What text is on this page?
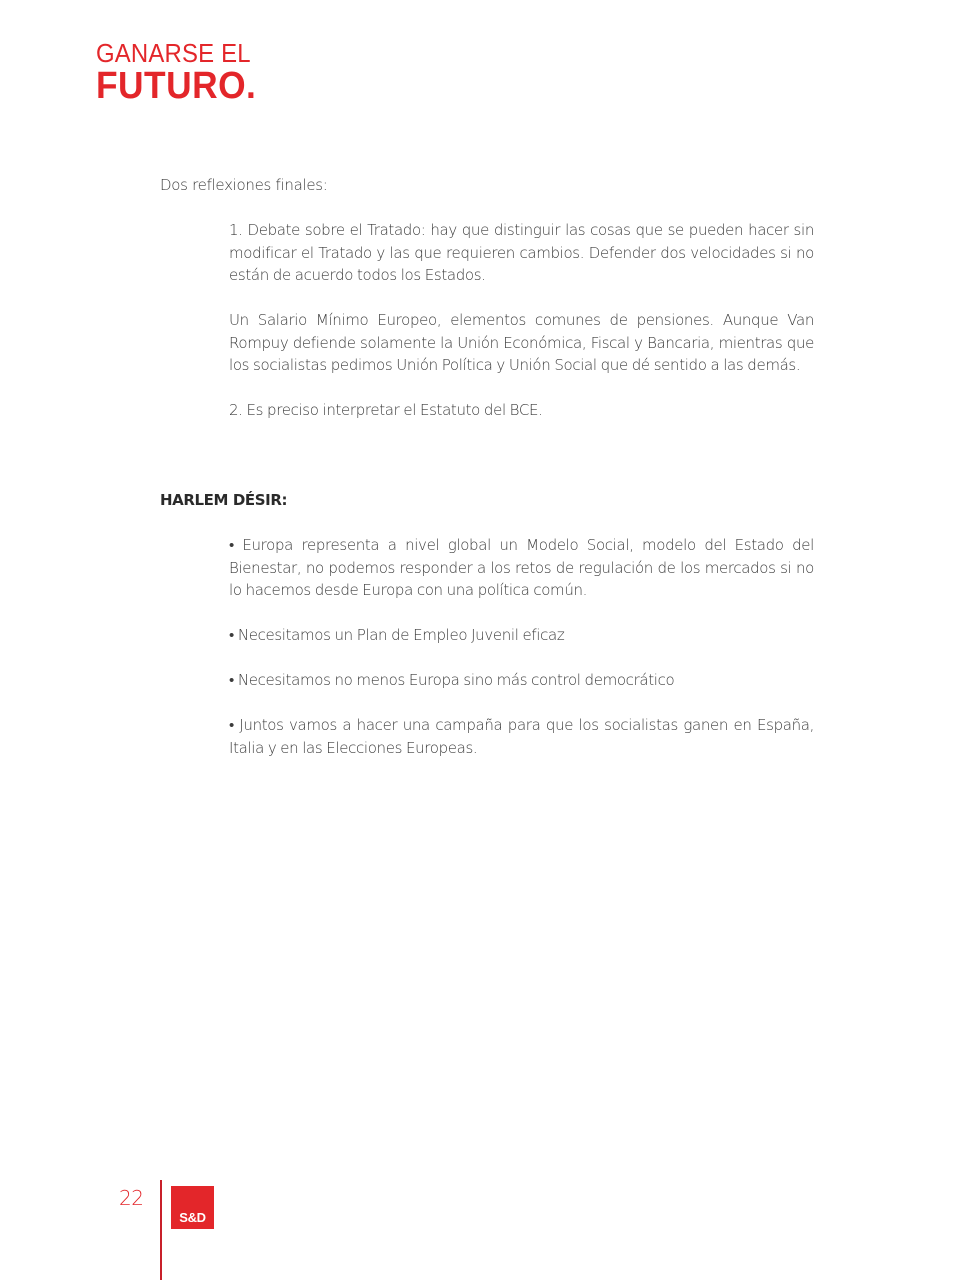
GANARSE EL
FUTURO.

Dos reflexiones finales:

1. Debate sobre el Tratado: hay que distinguir las cosas que se pueden hacer sin modificar el Tratado y las que requieren cambios. Defender dos velocidades si no están de acuerdo todos los Estados.

Un Salario Mínimo Europeo, elementos comunes de pensiones. Aunque Van Rompuy defiende solamente la Unión Económica, Fiscal y Bancaria, mientras que los socialistas pedimos Unión Política y Unión Social que dé sentido a las demás.

2. Es preciso interpretar el Estatuto del BCE.

HARLEM DÉSIR:

• Europa representa a nivel global un Modelo Social, modelo del Estado del Bienestar, no podemos responder a los retos de regulación de los mercados si no lo hacemos desde Europa con una política común.

• Necesitamos un Plan de Empleo Juvenil eficaz

• Necesitamos no menos Europa sino más control democrático

• Juntos vamos a hacer una campaña para que los socialistas ganen en España, Italia y en las Elecciones Europeas.

22
S&D
